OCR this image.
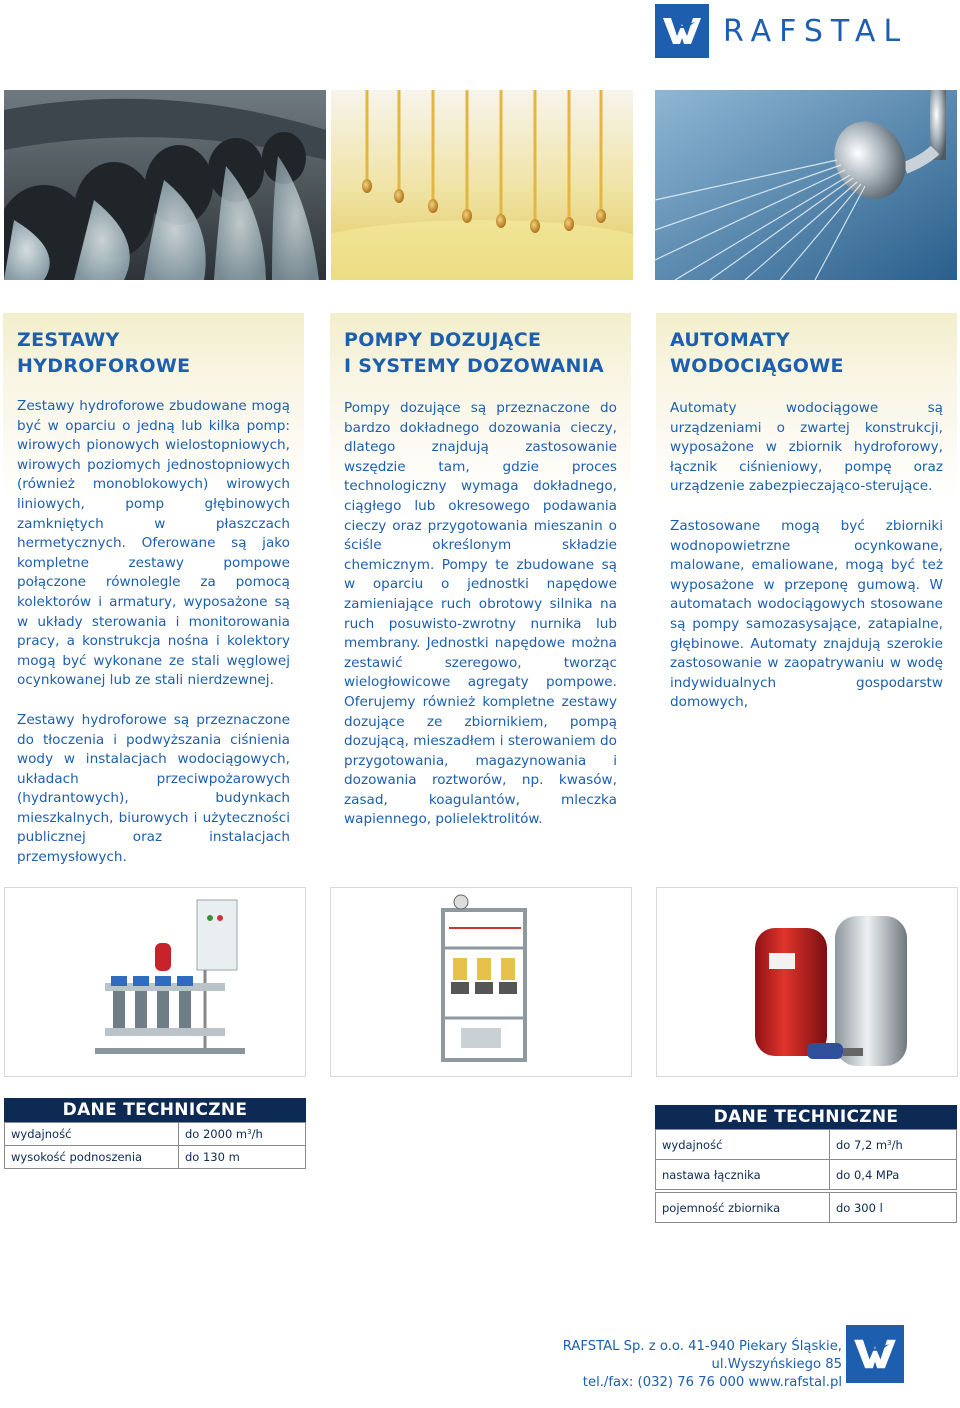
RAFSTAL
ZESTAWY HYDROFOROWE

Zestawy hydroforowe zbudowane mogą być w oparciu o jedną lub kilka pomp: wirowych pionowych wielostopniowych, wirowych poziomych jednostopniowych (również monoblokowych) wirowych liniowych, pomp głębinowych zamkniętych w płaszczach hermetycznych. Oferowane są jako kompletne zestawy pompowe połączone równolegle za pomocą kolektorów i armatury, wyposażone są w układy sterowania i monitorowania pracy, a konstrukcja nośna i kolektory mogą być wykonane ze stali węglowej ocynkowanej lub ze stali nierdzewnej.

Zestawy hydroforowe są przeznaczone do tłoczenia i podwyższania ciśnienia wody w instalacjach wodociągowych, układach przeciwpożarowych (hydrantowych), budynkach mieszkalnych, biurowych i użyteczności publicznej oraz instalacjach przemysłowych.

POMPY DOZUJĄCE
I SYSTEMY DOZOWANIA

Pompy dozujące są przeznaczone do bardzo dokładnego dozowania cieczy, dlatego znajdują zastosowanie wszędzie tam, gdzie proces technologiczny wymaga dokładnego, ciągłego lub okresowego podawania cieczy oraz przygotowania mieszanin o ściśle określonym składzie chemicznym. Pompy te zbudowane są w oparciu o jednostki napędowe zamieniające ruch obrotowy silnika na ruch posuwisto-zwrotny nurnika lub membrany. Jednostki napędowe można zestawić szeregowo, tworząc wielogłowicowe agregaty pompowe. Oferujemy również kompletne zestawy dozujące ze zbiornikiem, pompą dozującą, mieszadłem i sterowaniem do przygotowania, magazynowania i dozowania roztworów, np. kwasów, zasad, koagulantów, mleczka wapiennego, polielektrolitów.

AUTOMATY
WODOCIĄGOWE

Automaty wodociągowe są urządzeniami o zwartej konstrukcji, wyposażone w zbiornik hydroforowy, łącznik ciśnieniowy, pompę oraz urządzenie zabezpieczająco-sterujące.

Zastosowane mogą być zbiorniki wodnopowietrzne ocynkowane, malowane, emaliowane, mogą być też wyposażone w przeponę gumową. W automatach wodociągowych stosowane są pompy samozasysające, zatapialne, głębinowe. Automaty znajdują szerokie zastosowanie w zaopatrywaniu w wodę indywidualnych gospodarstw domowych,

DANE TECHNICZNE
wydajność	do 2000 $m^3/h$
wysokość podnoszenia	do 130 m
DANE TECHNICZNE
wydajność	do 7,2 $m^3/h$
nastawa łącznika	do 0,4 MPa

pojemność zbiornika	do 300 l
RAFSTAL Sp. z o.o. 41-940 Piekary Śląskie, ul.Wyszyńskiego 85
tel./fax: (032) 76 76 000 www.rafstal.pl
